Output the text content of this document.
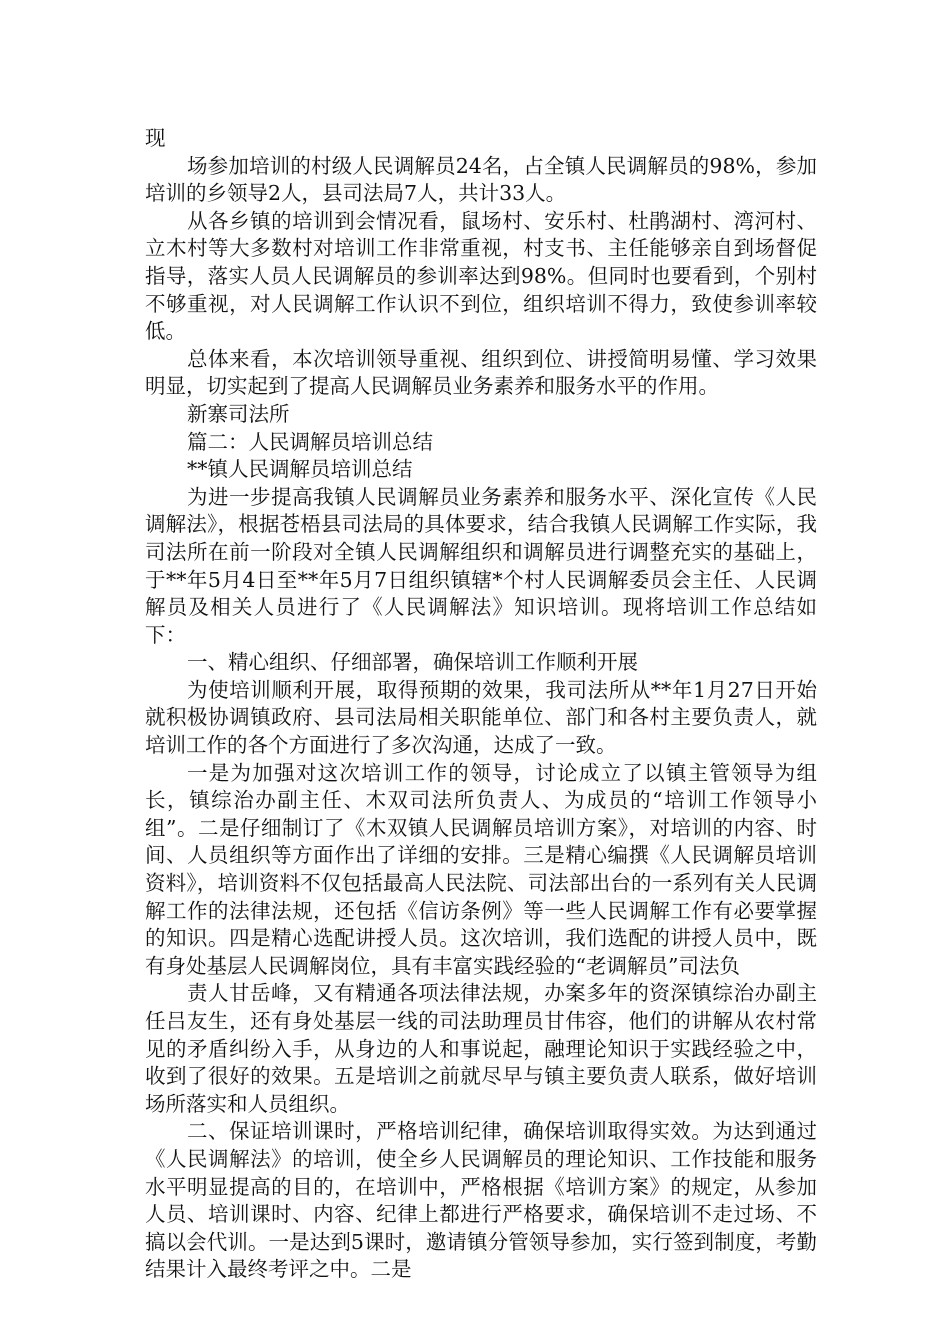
现

场参加培训的村级人民调解员24名，占全镇人民调解员的98%，参加培训的乡领导2人，县司法局7人，共计33人。

从各乡镇的培训到会情况看，鼠场村、安乐村、杜鹃湖村、湾河村、立木村等大多数村对培训工作非常重视，村支书、主任能够亲自到场督促指导，落实人员人民调解员的参训率达到98%。但同时也要看到，个别村不够重视，对人民调解工作认识不到位，组织培训不得力，致使参训率较低。

总体来看，本次培训领导重视、组织到位、讲授简明易懂、学习效果明显，切实起到了提高人民调解员业务素养和服务水平的作用。

新寨司法所

篇二：人民调解员培训总结

**镇人民调解员培训总结

为进一步提高我镇人民调解员业务素养和服务水平、深化宣传《人民调解法》，根据苍梧县司法局的具体要求，结合我镇人民调解工作实际，我司法所在前一阶段对全镇人民调解组织和调解员进行调整充实的基础上，于**年5月4日至**年5月7日组织镇辖*个村人民调解委员会主任、人民调解员及相关人员进行了《人民调解法》知识培训。现将培训工作总结如下：

一、精心组织、仔细部署，确保培训工作顺利开展

为使培训顺利开展，取得预期的效果，我司法所从**年1月27日开始就积极协调镇政府、县司法局相关职能单位、部门和各村主要负责人，就培训工作的各个方面进行了多次沟通，达成了一致。

一是为加强对这次培训工作的领导，讨论成立了以镇主管领导为组长，镇综治办副主任、木双司法所负责人、为成员的“培训工作领导小组”。二是仔细制订了《木双镇人民调解员培训方案》，对培训的内容、时间、人员组织等方面作出了详细的安排。三是精心编撰《人民调解员培训资料》，培训资料不仅包括最高人民法院、司法部出台的一系列有关人民调解工作的法律法规，还包括《信访条例》等一些人民调解工作有必要掌握的知识。四是精心选配讲授人员。这次培训，我们选配的讲授人员中，既有身处基层人民调解岗位，具有丰富实践经验的“老调解员”司法负

责人甘岳峰，又有精通各项法律法规，办案多年的资深镇综治办副主任吕友生，还有身处基层一线的司法助理员甘伟容，他们的讲解从农村常见的矛盾纠纷入手，从身边的人和事说起，融理论知识于实践经验之中，收到了很好的效果。五是培训之前就尽早与镇主要负责人联系，做好培训场所落实和人员组织。

二、保证培训课时，严格培训纪律，确保培训取得实效。为达到通过《人民调解法》的培训，使全乡人民调解员的理论知识、工作技能和服务水平明显提高的目的，在培训中，严格根据《培训方案》的规定，从参加人员、培训课时、内容、纪律上都进行严格要求，确保培训不走过场、不搞以会代训。一是达到5课时，邀请镇分管领导参加，实行签到制度，考勤结果计入最终考评之中。二是
